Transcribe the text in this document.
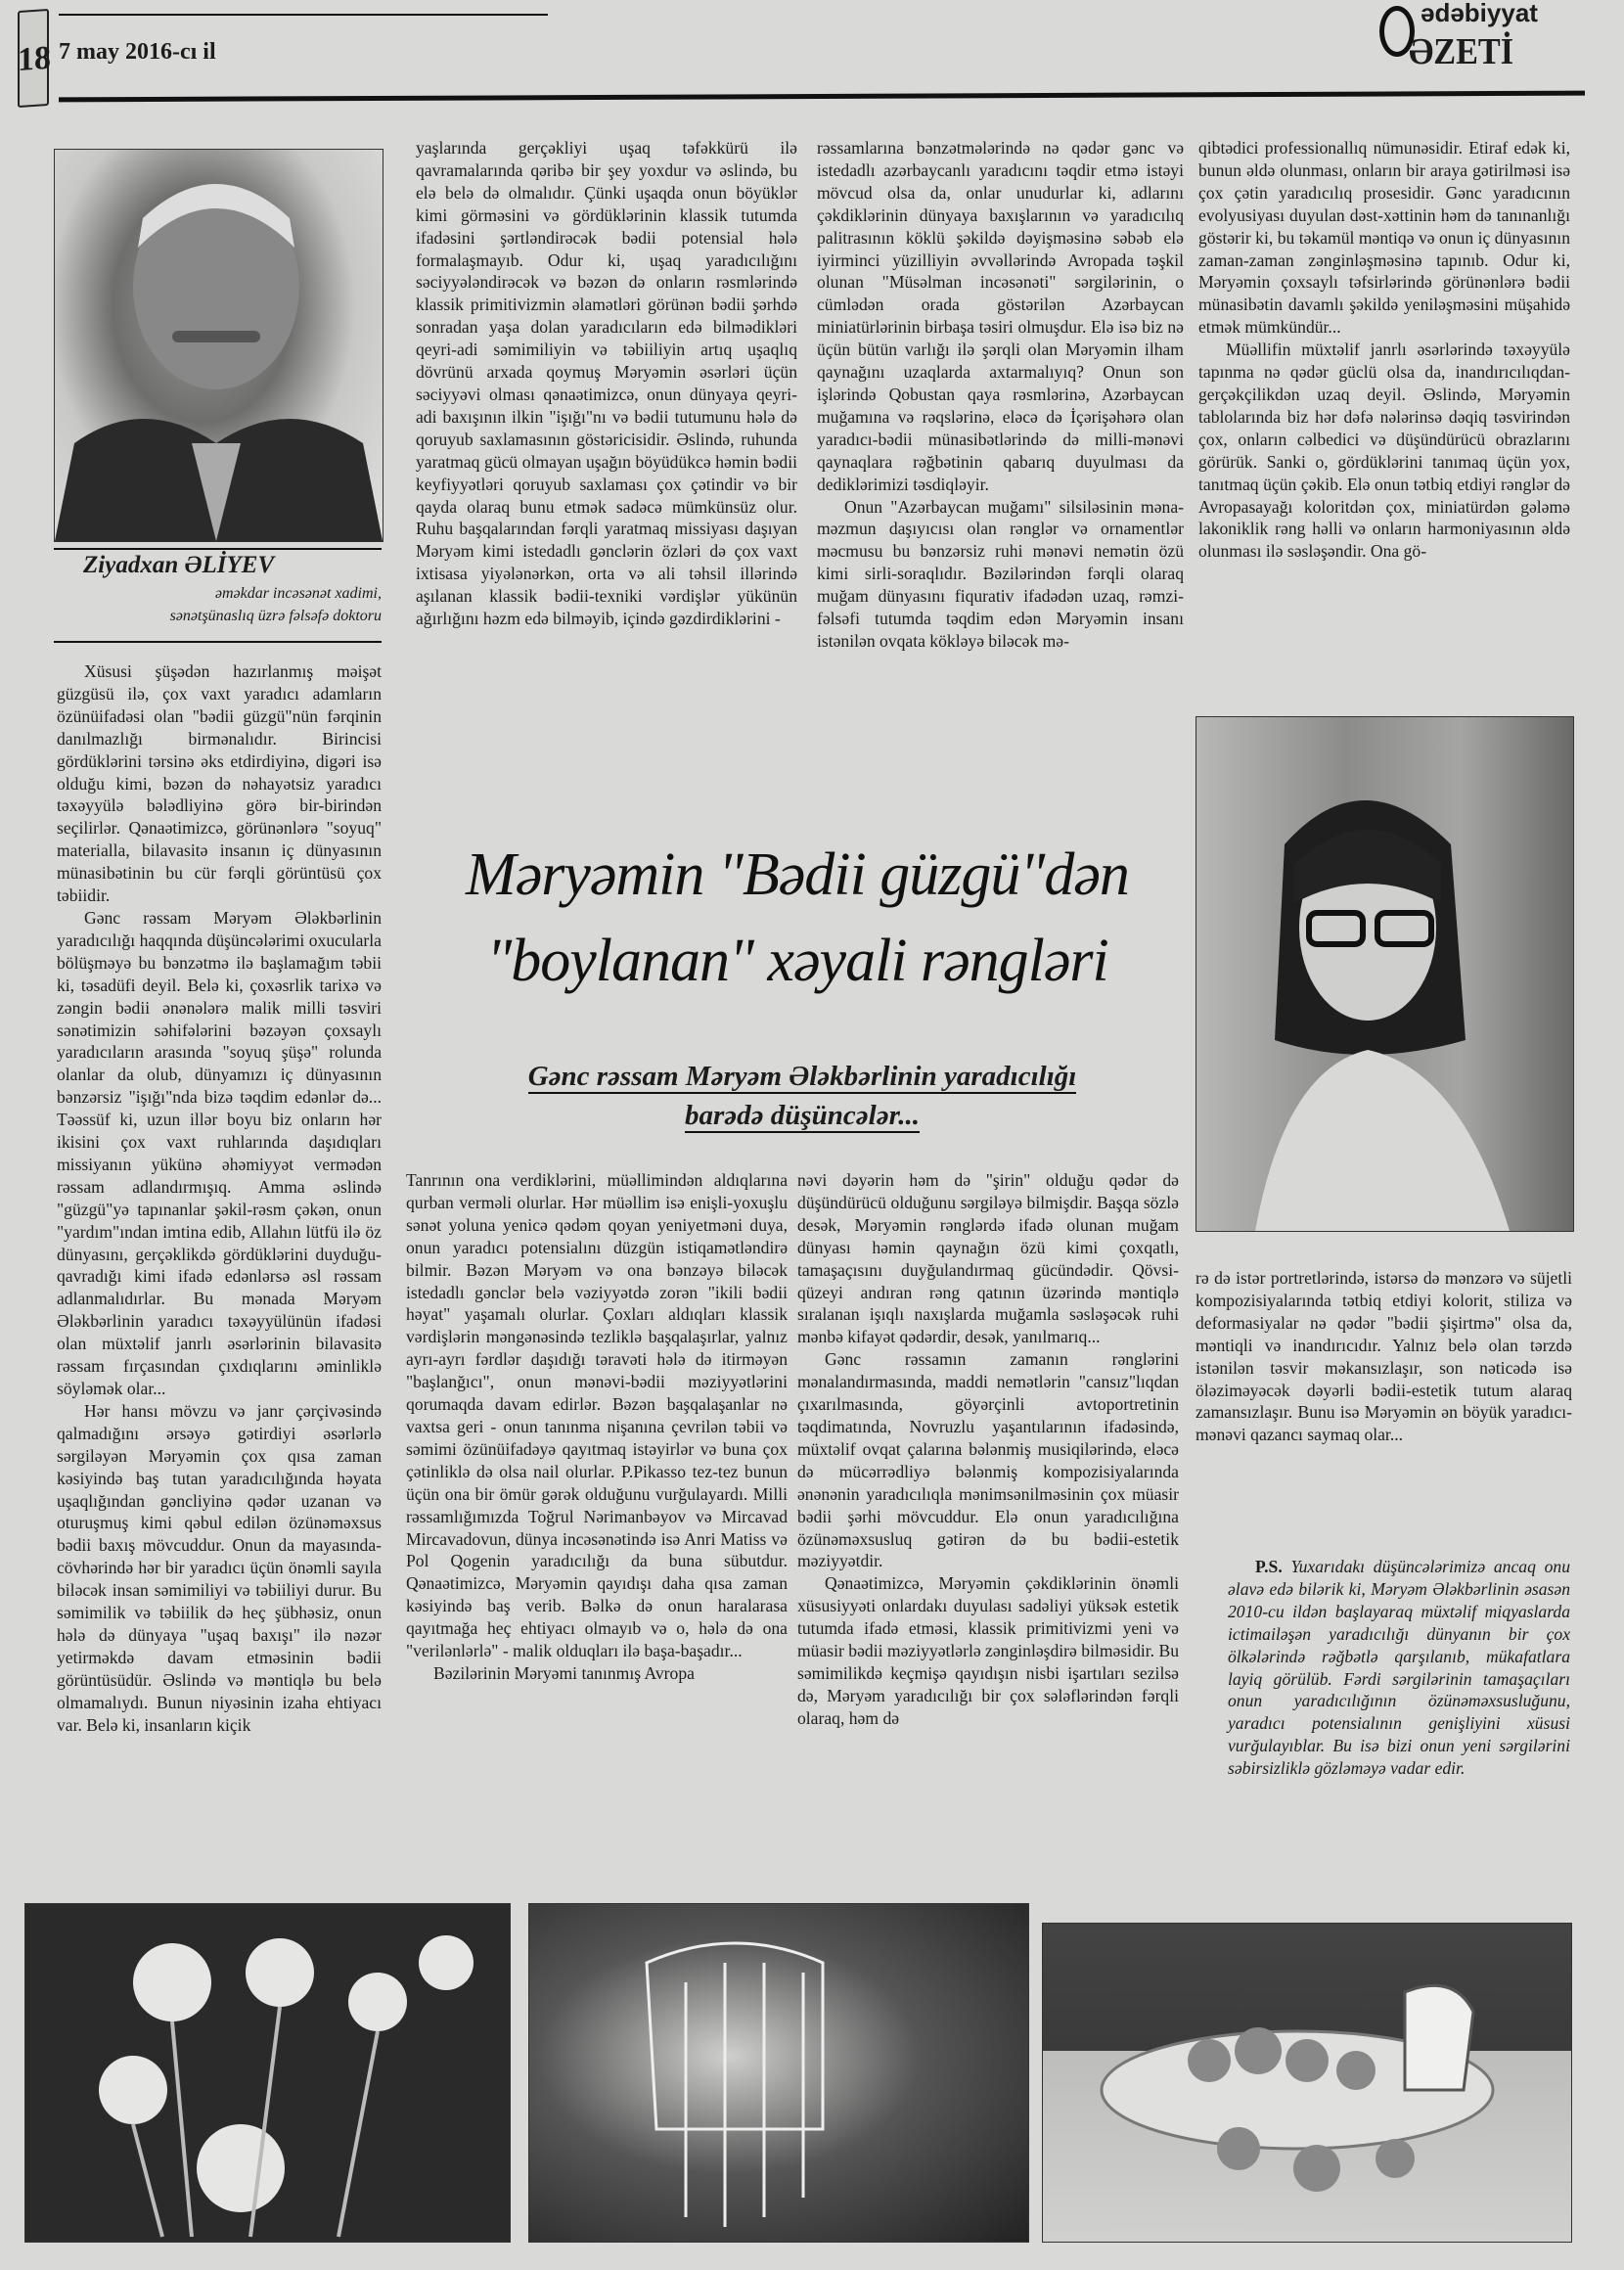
18 7 may 2016-cı il
ədəbiyyat
ƏZETİ
Ziyadxan ƏLİYEV
əməkdar incəsənət xadimi,
sənətşünaslıq üzrə fəlsəfə doktoru

Xüsusi şüşədən hazırlanmış məişət güzgüsü ilə, çox vaxt yaradıcı adamların özünüifadəsi olan "bədii güzgü"nün fərqinin danılmazlığı birmənalıdır. Birincisi gördüklərini tərsinə əks etdirdiyinə, digəri isə olduğu kimi, bəzən də nəhayətsiz yaradıcı təxəyyülə bələdliyinə görə bir-birindən seçilirlər. Qənaətimizcə, görünənlərə "soyuq" materialla, bilavasitə insanın iç dünyasının münasibətinin bu cür fərqli görüntüsü çox təbiidir.

Gənc rəssam Məryəm Ələkbərlinin yaradıcılığı haqqında düşüncələrimi oxucularla bölüşməyə bu bənzətmə ilə başlamağım təbii ki, təsadüfi deyil. Belə ki, çoxəsrlik tarixə və zəngin bədii ənənələrə malik milli təsviri sənətimizin səhifələrini bəzəyən çoxsaylı yaradıcıların arasında "soyuq şüşə" rolunda olanlar da olub, dünyamızı iç dünyasının bənzərsiz "işığı"nda bizə təqdim edənlər də... Təəssüf ki, uzun illər boyu biz onların hər ikisini çox vaxt ruhlarında daşıdıqları missiyanın yükünə əhəmiyyət vermədən rəssam adlandırmışıq. Amma əslində "güzgü"yə tapınanlar şəkil-rəsm çəkən, onun "yardım"ından imtina edib, Allahın lütfü ilə öz dünyasını, gerçəklikdə gördüklərini duyduğu-qavradığı kimi ifadə edənlərsə əsl rəssam adlanmalıdırlar. Bu mənada Məryəm Ələkbərlinin yaradıcı təxəyyülünün ifadəsi olan müxtəlif janrlı əsərlərinin bilavasitə rəssam fırçasından çıxdıqlarını əminliklə söyləmək olar...

Hər hansı mövzu və janr çərçivəsində qalmadığını ərsəyə gətirdiyi əsərlərlə sərgiləyən Məryəmin çox qısa zaman kəsiyində baş tutan yaradıcılığında həyata uşaqlığından gəncliyinə qədər uzanan və oturuşmuş kimi qəbul edilən özünəməxsus bədii baxış mövcuddur. Onun da mayasında-cövhərində hər bir yaradıcı üçün önəmli sayıla biləcək insan səmimiliyi və təbiiliyi durur. Bu səmimilik və təbiilik də heç şübhəsiz, onun hələ də dünyaya "uşaq baxışı" ilə nəzər yetirməkdə davam etməsinin bədii görüntüsüdür. Əslində və məntiqlə bu belə olmamalıydı. Bunun niyəsinin izaha ehtiyacı var. Belə ki, insanların kiçik

yaşlarında gerçəkliyi uşaq təfəkkürü ilə qavramalarında qəribə bir şey yoxdur və əslində, bu elə belə də olmalıdır. Çünki uşaqda onun böyüklər kimi görməsini və gördüklərinin klassik tutumda ifadəsini şərtləndirəcək bədii potensial hələ formalaşmayıb. Odur ki, uşaq yaradıcılığını səciyyələndirəcək və bəzən də onların rəsmlərində klassik primitivizmin əlamətləri görünən bədii şərhdə sonradan yaşa dolan yaradıcıların edə bilmədikləri qeyri-adi səmimiliyin və təbiiliyin artıq uşaqlıq dövrünü arxada qoymuş Məryəmin əsərləri üçün səciyyəvi olması qənaətimizcə, onun dünyaya qeyri-adi baxışının ilkin "işığı"nı və bədii tutumunu hələ də qoruyub saxlamasının göstəricisidir. Əslində, ruhunda yaratmaq gücü olmayan uşağın böyüdükcə həmin bədii keyfiyyətləri qoruyub saxlaması çox çətindir və bir qayda olaraq bunu etmək sadəcə mümkünsüz olur. Ruhu başqalarından fərqli yaratmaq missiyası daşıyan Məryəm kimi istedadlı gənclərin özləri də çox vaxt ixtisasa yiyələnərkən, orta və ali təhsil illərində aşılanan klassik bədii-texniki vərdişlər yükünün ağırlığını həzm edə bilməyib, içində gəzdirdiklərini -

rəssamlarına bənzətmələrində nə qədər gənc və istedadlı azərbaycanlı yaradıcını təqdir etmə istəyi mövcud olsa da, onlar unudurlar ki, adlarını çəkdiklərinin dünyaya baxışlarının və yaradıcılıq palitrasının köklü şəkildə dəyişməsinə səbəb elə iyirminci yüzilliyin əvvəllərində Avropada təşkil olunan "Müsəlman incəsənəti" sərgilərinin, o cümlədən orada göstərilən Azərbaycan miniatürlərinin birbaşa təsiri olmuşdur. Elə isə biz nə üçün bütün varlığı ilə şərqli olan Məryəmin ilham qaynağını uzaqlarda axtarmalıyıq? Onun son işlərində Qobustan qaya rəsmlərinə, Azərbaycan muğamına və rəqslərinə, eləcə də İçərişəhərə olan yaradıcı-bədii münasibətlərində də milli-mənəvi qaynaqlara rəğbətinin qabarıq duyulması da dediklərimizi təsdiqləyir.

Onun "Azərbaycan muğamı" silsiləsinin məna-məzmun daşıyıcısı olan rənglər və ornamentlər məcmusu bu bənzərsiz ruhi mənəvi nemətin özü kimi sirli-soraqlıdır. Bəzilərindən fərqli olaraq muğam dünyasını fiqurativ ifadədən uzaq, rəmzi-fəlsəfi tutumda təqdim edən Məryəmin insanı istənilən ovqata kökləyə biləcək mə-

qibtədici professionallıq nümunəsidir. Etiraf edək ki, bunun əldə olunması, onların bir araya gətirilməsi isə çox çətin yaradıcılıq prosesidir. Gənc yaradıcının evolyusiyası duyulan dəst-xəttinin həm də tanınanlığı göstərir ki, bu təkamül məntiqə və onun iç dünyasının zaman-zaman zənginləşməsinə tapınıb. Odur ki, Məryəmin çoxsaylı təfsirlərində görünənlərə bədii münasibətin davamlı şəkildə yeniləşməsini müşahidə etmək mümkündür...

Müəllifin müxtəlif janrlı əsərlərində təxəyyülə tapınma nə qədər güclü olsa da, inandırıcılıqdan-gerçəkçilikdən uzaq deyil. Əslində, Məryəmin tablolarında biz hər dəfə nələrinsə dəqiq təsvirindən çox, onların cəlbedici və düşündürücü obrazlarını görürük. Sanki o, gördüklərini tanımaq üçün yox, tanıtmaq üçün çəkib. Elə onun tətbiq etdiyi rənglər də Avropasayağı koloritdən çox, miniatürdən gələmə lakoniklik rəng həlli və onların harmoniyasının əldə olunması ilə səsləşəndir. Ona gö-

Məryəmin "Bədii güzgü"dən "boylanan" xəyali rəngləri
Gənc rəssam Məryəm Ələkbərlinin yaradıcılığı barədə düşüncələr...

Tanrının ona verdiklərini, müəllimindən aldıqlarına qurban verməli olurlar. Hər müəllim isə enişli-yoxuşlu sənət yoluna yenicə qədəm qoyan yeniyetməni duya, onun yaradıcı potensialını düzgün istiqamətləndirə bilmir. Bəzən Məryəm və ona bənzəyə biləcək istedadlı gənclər belə vəziyyətdə zorən "ikili bədii həyat" yaşamalı olurlar. Çoxları aldıqları klassik vərdişlərin məngənəsində tezliklə başqalaşırlar, yalnız ayrı-ayrı fərdlər daşıdığı təravəti hələ də itirməyən "başlanğıcı", onun mənəvi-bədii məziyyətlərini qorumaqda davam edirlər. Bəzən başqalaşanlar nə vaxtsa geri - onun tanınma nişanına çevrilən təbii və səmimi özünüifadəyə qayıtmaq istəyirlər və buna çox çətinliklə də olsa nail olurlar. P.Pikasso tez-tez bunun üçün ona bir ömür gərək olduğunu vurğulayardı. Milli rəssamlığımızda Toğrul Nərimanbəyov və Mircavad Mircavadovun, dünya incəsənətində isə Anri Matiss və Pol Qogenin yaradıcılığı da buna sübutdur. Qənaətimizcə, Məryəmin qayıdışı daha qısa zaman kəsiyində baş verib. Bəlkə də onun haralarasa qayıtmağa heç ehtiyacı olmayıb və o, hələ də ona "verilənlərlə" - malik olduqları ilə başa-başadır...

Bəzilərinin Məryəmi tanınmış Avropa

nəvi dəyərin həm də "şirin" olduğu qədər də düşündürücü olduğunu sərgiləyə bilmişdir. Başqa sözlə desək, Məryəmin rənglərdə ifadə olunan muğam dünyası həmin qaynağın özü kimi çoxqatlı, tamaşaçısını duyğulandırmaq gücündədir. Qövsi-qüzeyi andıran rəng qatının üzərində məntiqlə sıralanan işıqlı naxışlarda muğamla səsləşəcək ruhi mənbə kifayət qədərdir, desək, yanılmarıq...

Gənc rəssamın zamanın rənglərini mənalandırmasında, maddi nemətlərin "cansız"lıqdan çıxarılmasında, göyərçinli avtoportretinin təqdimatında, Novruzlu yaşantılarının ifadəsində, müxtəlif ovqat çalarına bələnmiş musiqilərində, eləcə də mücərrədliyə bələnmiş kompozisiyalarında ənənənin yaradıcılıqla mənimsənilməsinin çox müasir bədii şərhi mövcuddur. Elə onun yaradıcılığına özünəməxsusluq gətirən də bu bədii-estetik məziyyətdir.

Qənaətimizcə, Məryəmin çəkdiklərinin önəmli xüsusiyyəti onlardakı duyulası sadəliyi yüksək estetik tutumda ifadə etməsi, klassik primitivizmi yeni və müasir bədii məziyyətlərlə zənginləşdirə bilməsidir. Bu səmimilikdə keçmişə qayıdışın nisbi işartıları sezilsə də, Məryəm yaradıcılığı bir çox sələflərindən fərqli olaraq, həm də

rə də istər portretlərində, istərsə də mənzərə və süjetli kompozisiyalarında tətbiq etdiyi kolorit, stiliza və deformasiyalar nə qədər "bədii şişirtmə" olsa da, məntiqli və inandırıcıdır. Yalnız belə olan tərzdə istənilən təsvir məkansızlaşır, son nəticədə isə öləziməyəcək dəyərli bədii-estetik tutum alaraq zamansızlaşır. Bunu isə Məryəmin ən böyük yaradıcı-mənəvi qazancı saymaq olar...

P.S. Yuxarıdakı düşüncələrimizə ancaq onu əlavə edə bilərik ki, Məryəm Ələkbərlinin əsasən 2010-cu ildən başlayaraq müxtəlif miqyaslarda ictimailəşən yaradıcılığı dünyanın bir çox ölkələrində rəğbətlə qarşılanıb, mükafatlara layiq görülüb. Fərdi sərgilərinin tamaşaçıları onun yaradıcılığının özünəməxsusluğunu, yaradıcı potensialının genişliyini xüsusi vurğulayıblar. Bu isə bizi onun yeni sərgilərini səbirsizliklə gözləməyə vadar edir.
